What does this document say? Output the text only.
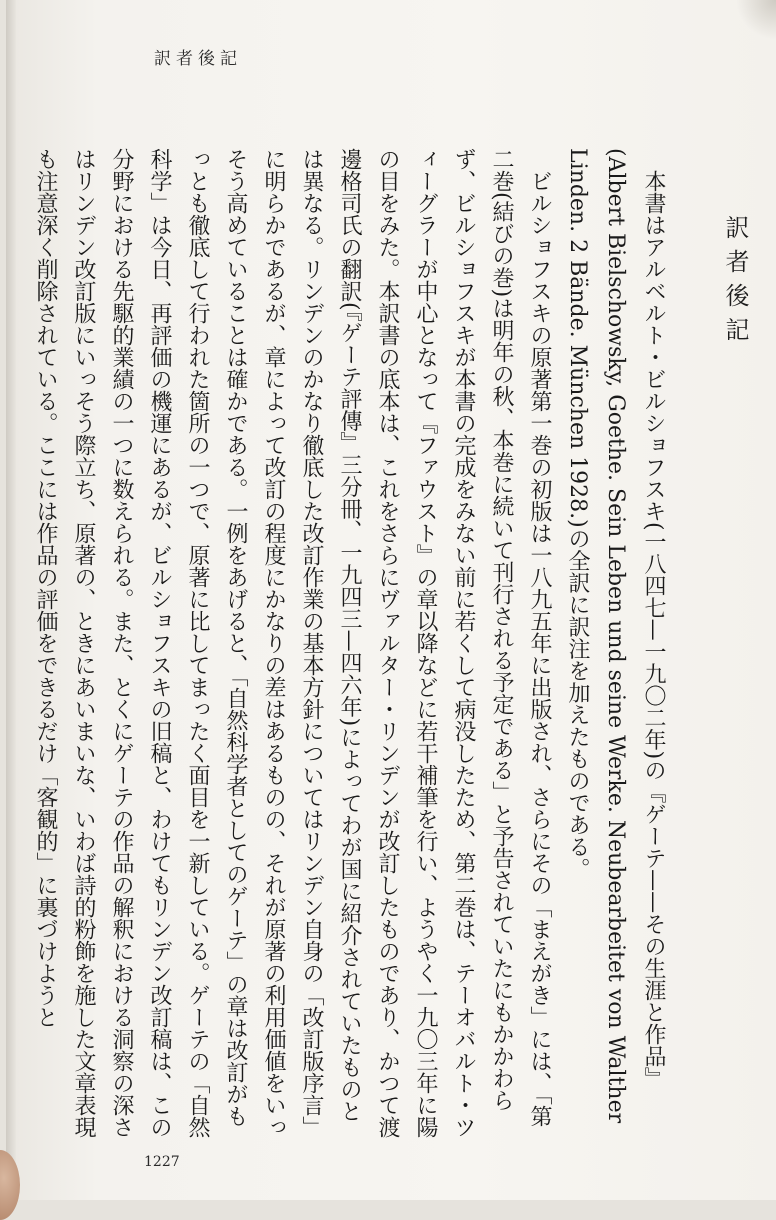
訳者後記
訳者後記

本書はアルベルト・ビルショフスキ(一八四七—一九〇二年)の『ゲーテ——その生涯と作品』(Albert Bielschowsky, Goethe. Sein Leben und seine Werke. Neubearbeitet von Walther Linden. 2 Bände. München 1928.)の全訳に訳注を加えたものである。

ビルショフスキの原著第一巻の初版は一八九五年に出版され、さらにその「まえがき」には、「第二巻(結びの巻)は明年の秋、本巻に続いて刊行される予定である」と予告されていたにもかかわらず、ビルショフスキが本書の完成をみない前に若くして病没したため、第二巻は、テーオバルト・ツィーグラーが中心となって『ファウスト』の章以降などに若干補筆を行い、ようやく一九〇三年に陽の目をみた。本訳書の底本は、これをさらにヴァルター・リンデンが改訂したものであり、かつて渡邊格司氏の翻訳(『ゲーテ評傳』三分冊、一九四三—四六年)によってわが国に紹介されていたものとは異なる。リンデンのかなり徹底した改訂作業の基本方針についてはリンデン自身の「改訂版序言」に明らかであるが、章によって改訂の程度にかなりの差はあるものの、それが原著の利用価値をいっそう高めていることは確かである。一例をあげると、「自然科学者としてのゲーテ」の章は改訂がもっとも徹底して行われた箇所の一つで、原著に比してまったく面目を一新している。ゲーテの「自然科学」は今日、再評価の機運にあるが、ビルショフスキの旧稿と、わけてもリンデン改訂稿は、この分野における先駆的業績の一つに数えられる。また、とくにゲーテの作品の解釈における洞察の深さはリンデン改訂版にいっそう際立ち、原著の、ときにあいまいな、いわば詩的粉飾を施した文章表現も注意深く削除されている。ここには作品の評価をできるだけ「客観的」に裏づけようと

1227
